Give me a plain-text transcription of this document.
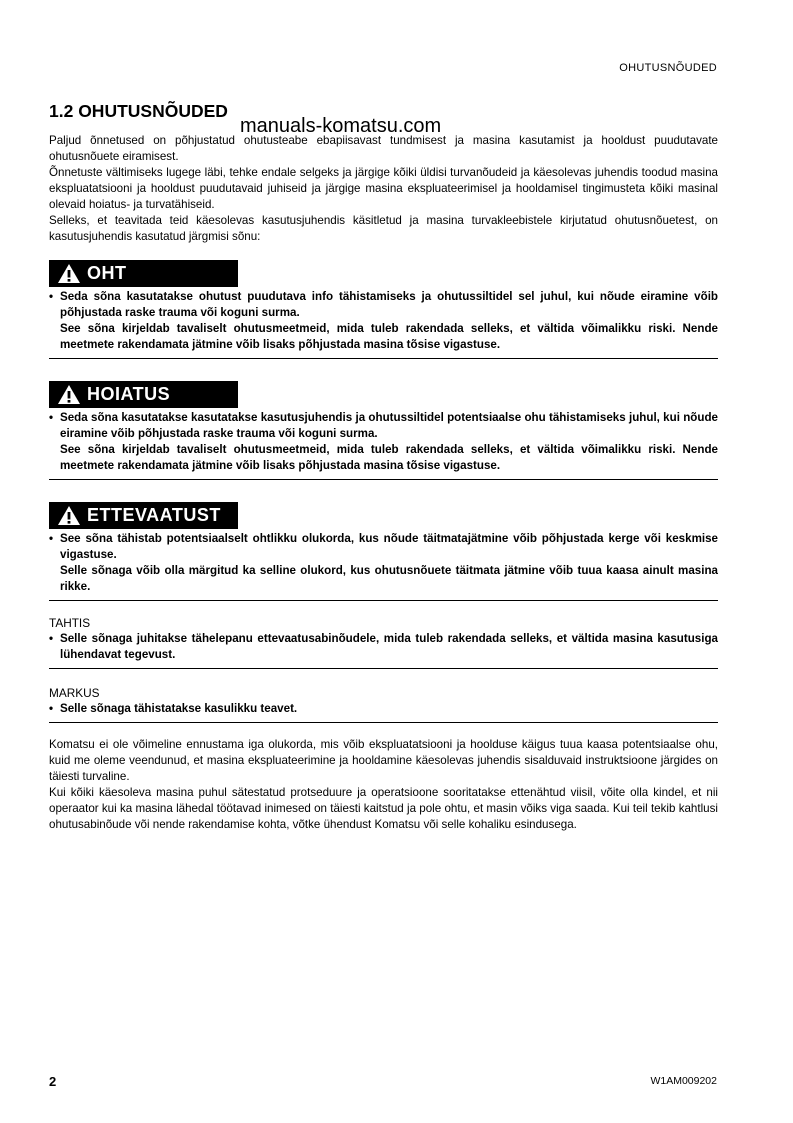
OHUTUSNÕUDED
1.2 OHUTUSNÕUDED
manuals-komatsu.com

Paljud õnnetused on põhjustatud ohutusteabe ebapiisavast tundmisest ja masina kasutamist ja hooldust puudutavate ohutusnõuete eiramisest.

Õnnetuste vältimiseks lugege läbi, tehke endale selgeks ja järgige kõiki üldisi turvanõudeid ja käesolevas juhendis toodud masina ekspluatatsiooni ja hooldust puudutavaid juhiseid ja järgige masina ekspluateerimisel ja hooldamisel tingimusteta kõiki masinal olevaid hoiatus- ja turvatähiseid.

Selleks, et teavitada teid käesolevas kasutusjuhendis käsitletud ja masina turvakleebistele kirjutatud ohutusnõuetest, on kasutusjuhendis kasutatud järgmisi sõnu:

OHT
• Seda sõna kasutatakse ohutust puudutava info tähistamiseks ja ohutussiltidel sel juhul, kui nõude eiramine võib põhjustada raske trauma või koguni surma.

See sõna kirjeldab tavaliselt ohutusmeetmeid, mida tuleb rakendada selleks, et vältida võimalikku riski. Nende meetmete rakendamata jätmine võib lisaks põhjustada masina tõsise vigastuse.

HOIATUS
• Seda sõna kasutatakse kasutatakse kasutusjuhendis ja ohutussiltidel potentsiaalse ohu tähistamiseks juhul, kui nõude eiramine võib põhjustada raske trauma või koguni surma.

See sõna kirjeldab tavaliselt ohutusmeetmeid, mida tuleb rakendada selleks, et vältida võimalikku riski. Nende meetmete rakendamata jätmine võib lisaks põhjustada masina tõsise vigastuse.

ETTEVAATUST
• See sõna tähistab potentsiaalselt ohtlikku olukorda, kus nõude täitmatajätmine võib põhjustada kerge või keskmise vigastuse.

Selle sõnaga võib olla märgitud ka selline olukord, kus ohutusnõuete täitmata jätmine võib tuua kaasa ainult masina rikke.

TAHTIS

• Selle sõnaga juhitakse tähelepanu ettevaatusabinõudele, mida tuleb rakendada selleks, et vältida masina kasutusiga lühendavat tegevust.

MARKUS

• Selle sõnaga tähistatakse kasulikku teavet.

Komatsu ei ole võimeline ennustama iga olukorda, mis võib ekspluatatsiooni ja hoolduse käigus tuua kaasa potentsiaalse ohu, kuid me oleme veendunud, et masina ekspluateerimine ja hooldamine käesolevas juhendis sisalduvaid instruktsioone järgides on täiesti turvaline.

Kui kõiki käesoleva masina puhul sätestatud protseduure ja operatsioone sooritatakse ettenähtud viisil, võite olla kindel, et nii operaator kui ka masina lähedal töötavad inimesed on täiesti kaitstud ja pole ohtu, et masin võiks viga saada. Kui teil tekib kahtlusi ohutusabinõude või nende rakendamise kohta, võtke ühendust Komatsu või selle kohaliku esindusega.

2	W1AM009202
